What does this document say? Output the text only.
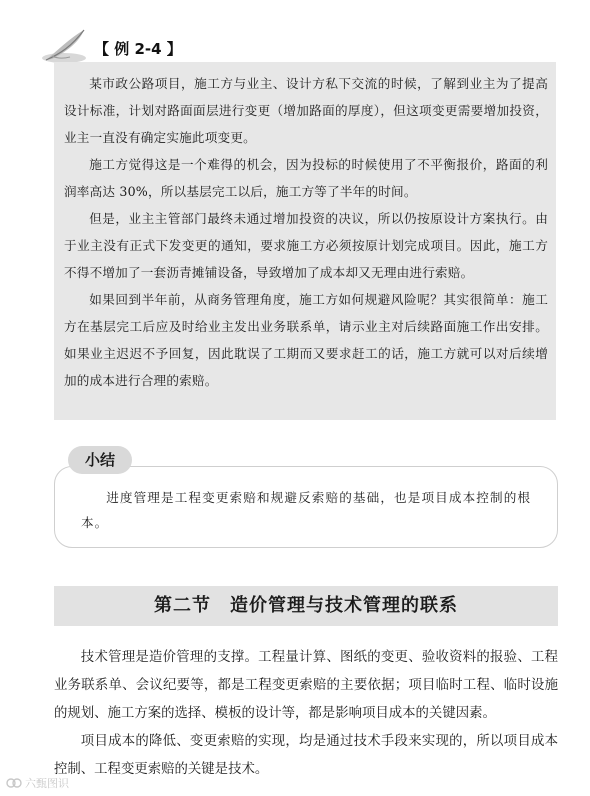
【 例 2-4 】

某市政公路项目，施工方与业主、设计方私下交流的时候，了解到业主为了提高设计标准，计划对路面面层进行变更（增加路面的厚度），但这项变更需要增加投资，业主一直没有确定实施此项变更。

施工方觉得这是一个难得的机会，因为投标的时候使用了不平衡报价，路面的利润率高达 30%，所以基层完工以后，施工方等了半年的时间。

但是，业主主管部门最终未通过增加投资的决议，所以仍按原设计方案执行。由于业主没有正式下发变更的通知，要求施工方必须按原计划完成项目。因此，施工方不得不增加了一套沥青摊铺设备，导致增加了成本却又无理由进行索赔。

如果回到半年前，从商务管理角度，施工方如何规避风险呢？其实很简单：施工方在基层完工后应及时给业主发出业务联系单，请示业主对后续路面施工作出安排。如果业主迟迟不予回复，因此耽误了工期而又要求赶工的话，施工方就可以对后续增加的成本进行合理的索赔。

进度管理是工程变更索赔和规避反索赔的基础，也是项目成本控制的根本。

小结
第二节　造价管理与技术管理的联系

技术管理是造价管理的支撑。工程量计算、图纸的变更、验收资料的报验、工程业务联系单、会议纪要等，都是工程变更索赔的主要依据；项目临时工程、临时设施的规划、施工方案的选择、模板的设计等，都是影响项目成本的关键因素。

项目成本的降低、变更索赔的实现，均是通过技术手段来实现的，所以项目成本控制、工程变更索赔的关键是技术。

六甄图识
